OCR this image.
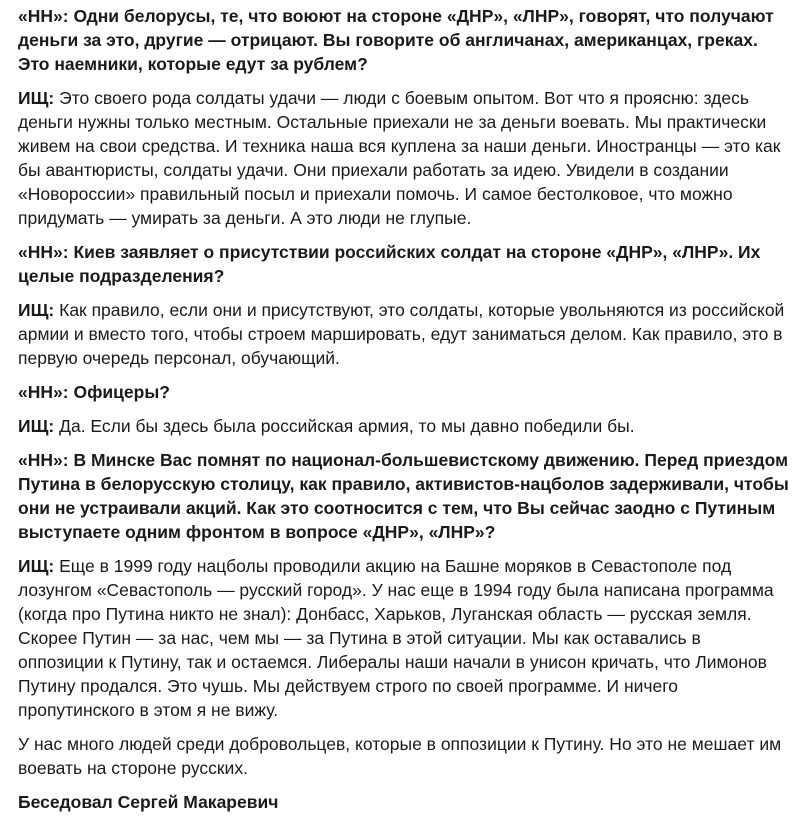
«НН»: Одни белорусы, те, что воюют на стороне «ДНР», «ЛНР», говорят, что получают деньги за это, другие — отрицают. Вы говорите об англичанах, американцах, греках. Это наемники, которые едут за рублем?

ИЩ: Это своего рода солдаты удачи — люди с боевым опытом. Вот что я проясню: здесь деньги нужны только местным. Остальные приехали не за деньги воевать. Мы практически живем на свои средства. И техника наша вся куплена за наши деньги. Иностранцы — это как бы авантюристы, солдаты удачи. Они приехали работать за идею. Увидели в создании «Новороссии» правильный посыл и приехали помочь. И самое бестолковое, что можно придумать — умирать за деньги. А это люди не глупые.

«НН»: Киев заявляет о присутствии российских солдат на стороне «ДНР», «ЛНР». Их целые подразделения?

ИЩ: Как правило, если они и присутствуют, это солдаты, которые увольняются из российской армии и вместо того, чтобы строем маршировать, едут заниматься делом. Как правило, это в первую очередь персонал, обучающий.

«НН»: Офицеры?

ИЩ: Да. Если бы здесь была российская армия, то мы давно победили бы.

«НН»: В Минске Вас помнят по национал-большевистскому движению. Перед приездом Путина в белорусскую столицу, как правило, активистов-нацболов задерживали, чтобы они не устраивали акций. Как это соотносится с тем, что Вы сейчас заодно с Путиным выступаете одним фронтом в вопросе «ДНР», «ЛНР»?

ИЩ: Еще в 1999 году нацболы проводили акцию на Башне моряков в Севастополе под лозунгом «Севастополь — русский город». У нас еще в 1994 году была написана программа (когда про Путина никто не знал): Донбасс, Харьков, Луганская область — русская земля. Скорее Путин — за нас, чем мы — за Путина в этой ситуации. Мы как оставались в оппозиции к Путину, так и остаемся. Либералы наши начали в унисон кричать, что Лимонов Путину продался. Это чушь. Мы действуем строго по своей программе. И ничего пропутинского в этом я не вижу.

У нас много людей среди добровольцев, которые в оппозиции к Путину. Но это не мешает им воевать на стороне русских.

Беседовал Сергей Макаревич
